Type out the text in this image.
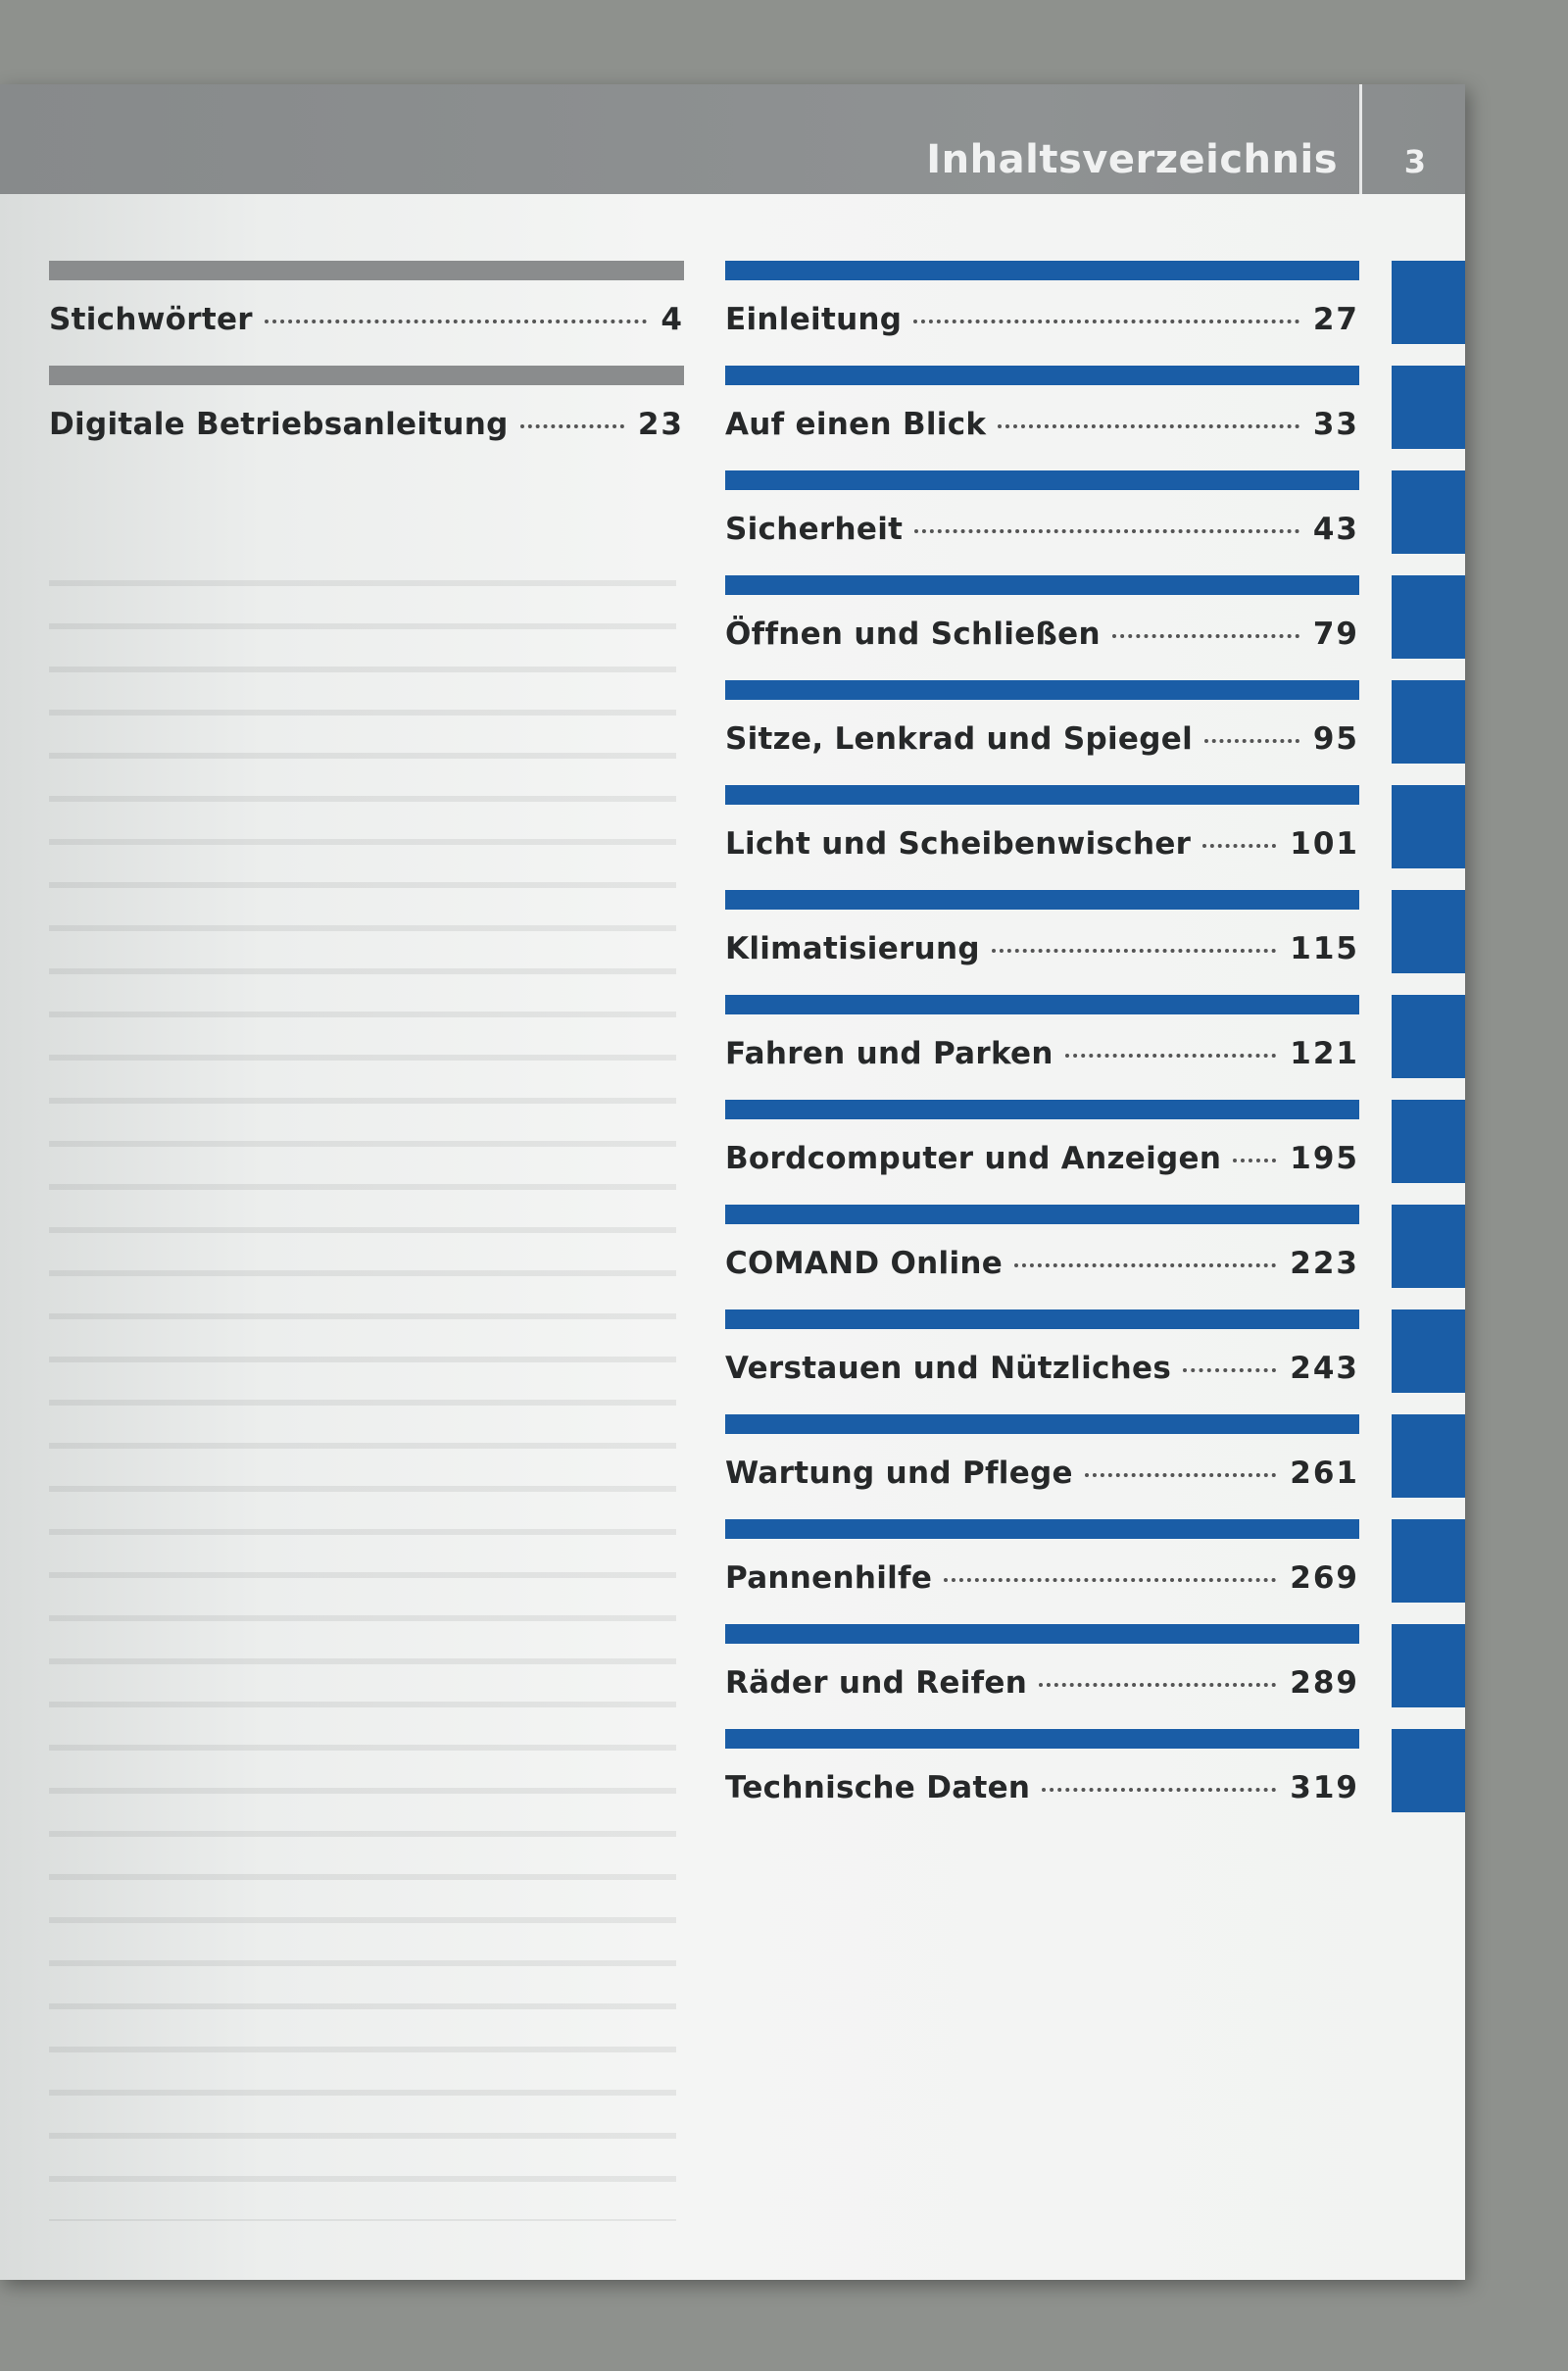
Inhaltsverzeichnis 3
Stichwörter	4
Digitale Betriebsanleitung	23
Einleitung	27
Auf einen Blick	33
Sicherheit	43
Öffnen und Schließen	79
Sitze, Lenkrad und Spiegel	95
Licht und Scheibenwischer	101
Klimatisierung	115
Fahren und Parken	121
Bordcomputer und Anzeigen 195
COMAND Online	223
Verstauen und Nützliches	243
Wartung und Pflege	261
Pannenhilfe	269
Räder und Reifen	289
Technische Daten	319
